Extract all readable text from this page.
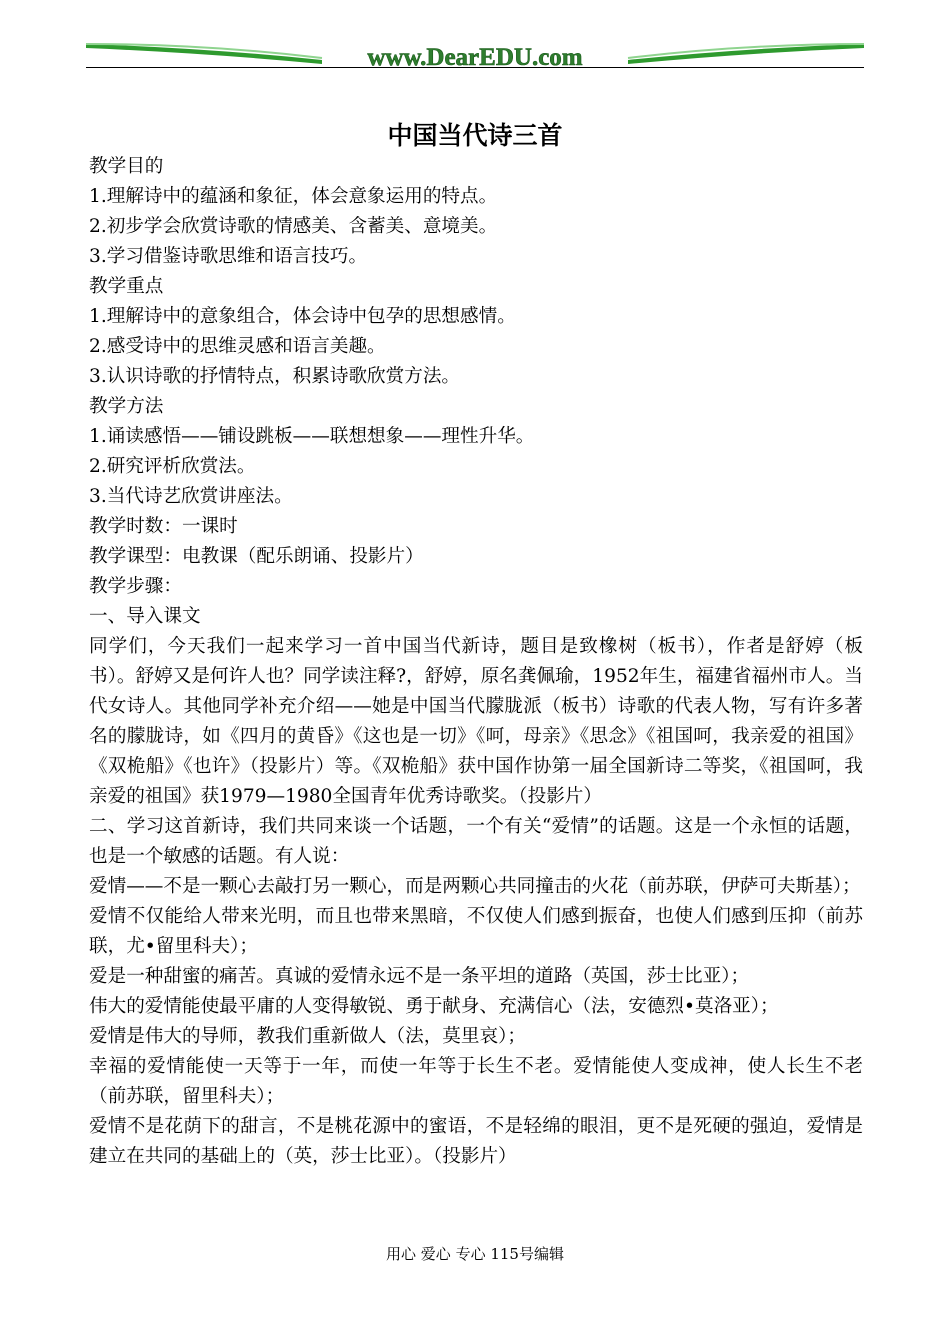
www.DearEDU.com
中国当代诗三首

教学目的

1.理解诗中的蕴涵和象征，体会意象运用的特点。

2.初步学会欣赏诗歌的情感美、含蓄美、意境美。

3.学习借鉴诗歌思维和语言技巧。

教学重点

1.理解诗中的意象组合，体会诗中包孕的思想感情。

2.感受诗中的思维灵感和语言美趣。

3.认识诗歌的抒情特点，积累诗歌欣赏方法。

教学方法

1.诵读感悟——铺设跳板——联想想象——理性升华。

2.研究评析欣赏法。

3.当代诗艺欣赏讲座法。

教学时数：一课时

教学课型：电教课（配乐朗诵、投影片）

教学步骤：

一、导入课文

同学们，今天我们一起来学习一首中国当代新诗，题目是致橡树（板书），作者是舒婷（板书）。舒婷又是何许人也？同学读注释?，舒婷，原名龚佩瑜，1952年生，福建省福州市人。当代女诗人。其他同学补充介绍——她是中国当代朦胧派（板书）诗歌的代表人物，写有许多著名的朦胧诗，如《四月的黄昏》《这也是一切》《呵，母亲》《思念》《祖国呵，我亲爱的祖国》《双桅船》《也许》（投影片）等。《双桅船》获中国作协第一届全国新诗二等奖，《祖国呵，我亲爱的祖国》获1979—1980全国青年优秀诗歌奖。（投影片）

二、学习这首新诗，我们共同来谈一个话题，一个有关“爱情”的话题。这是一个永恒的话题，也是一个敏感的话题。有人说：

爱情——不是一颗心去敲打另一颗心，而是两颗心共同撞击的火花（前苏联，伊萨可夫斯基）；

爱情不仅能给人带来光明，而且也带来黑暗，不仅使人们感到振奋，也使人们感到压抑（前苏联，尤•留里科夫）；

爱是一种甜蜜的痛苦。真诚的爱情永远不是一条平坦的道路（英国，莎士比亚）；

伟大的爱情能使最平庸的人变得敏锐、勇于献身、充满信心（法，安德烈•莫洛亚）；

爱情是伟大的导师，教我们重新做人（法，莫里哀）；

幸福的爱情能使一天等于一年，而使一年等于长生不老。爱情能使人变成神，使人长生不老（前苏联，留里科夫）；

爱情不是花荫下的甜言，不是桃花源中的蜜语，不是轻绵的眼泪，更不是死硬的强迫，爱情是建立在共同的基础上的（英，莎士比亚）。（投影片）

用心 爱心 专心 115号编辑
